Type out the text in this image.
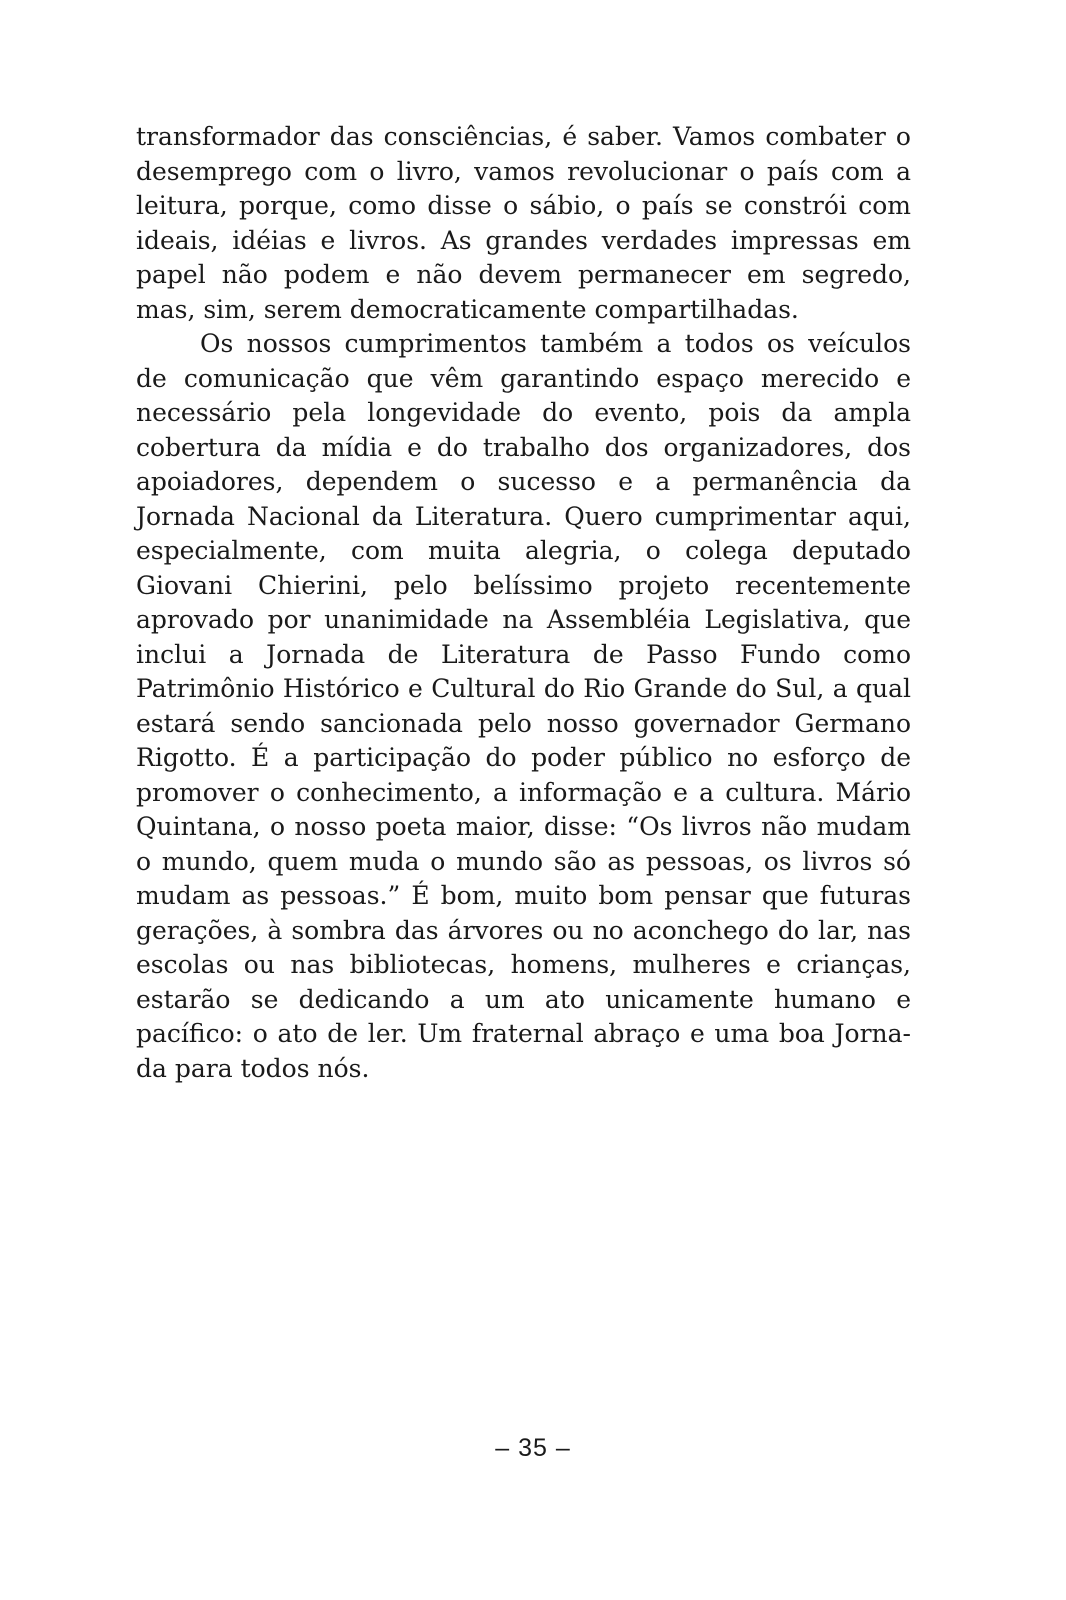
transformador das consciências, é saber. Vamos combater o desemprego com o livro, vamos revolucionar o país com a leitura, porque, como disse o sábio, o país se constrói com ideais, idéias e livros. As grandes verdades impressas em papel não podem e não devem permanecer em segredo, mas, sim, serem democraticamente compartilhadas.

Os nossos cumprimentos também a todos os veículos de comunicação que vêm garantindo espaço merecido e necessário pela longevidade do evento, pois da ampla cobertura da mídia e do trabalho dos organizadores, dos apoiadores, dependem o sucesso e a permanência da Jornada Nacional da Literatura. Quero cumprimentar aqui, especialmente, com muita alegria, o colega deputado Giovani Chierini, pelo belíssimo projeto recentemente aprovado por unanimidade na Assembléia Legislativa, que inclui a Jornada de Literatura de Passo Fundo como Patrimônio Histórico e Cultural do Rio Grande do Sul, a qual estará sendo sancionada pelo nosso governador Germano Rigotto. É a participação do poder público no esforço de promover o conhecimento, a informação e a cultura. Mário Quintana, o nosso poeta maior, disse: “Os livros não mudam o mundo, quem muda o mundo são as pessoas, os livros só mudam as pessoas.” É bom, muito bom pensar que futuras gerações, à sombra das árvores ou no aconchego do lar, nas escolas ou nas bibliotecas, homens, mulheres e crianças, estarão se dedicando a um ato unicamente humano e pacífico: o ato de ler. Um fraternal abraço e uma boa Jornada para todos nós.

– 35 –
